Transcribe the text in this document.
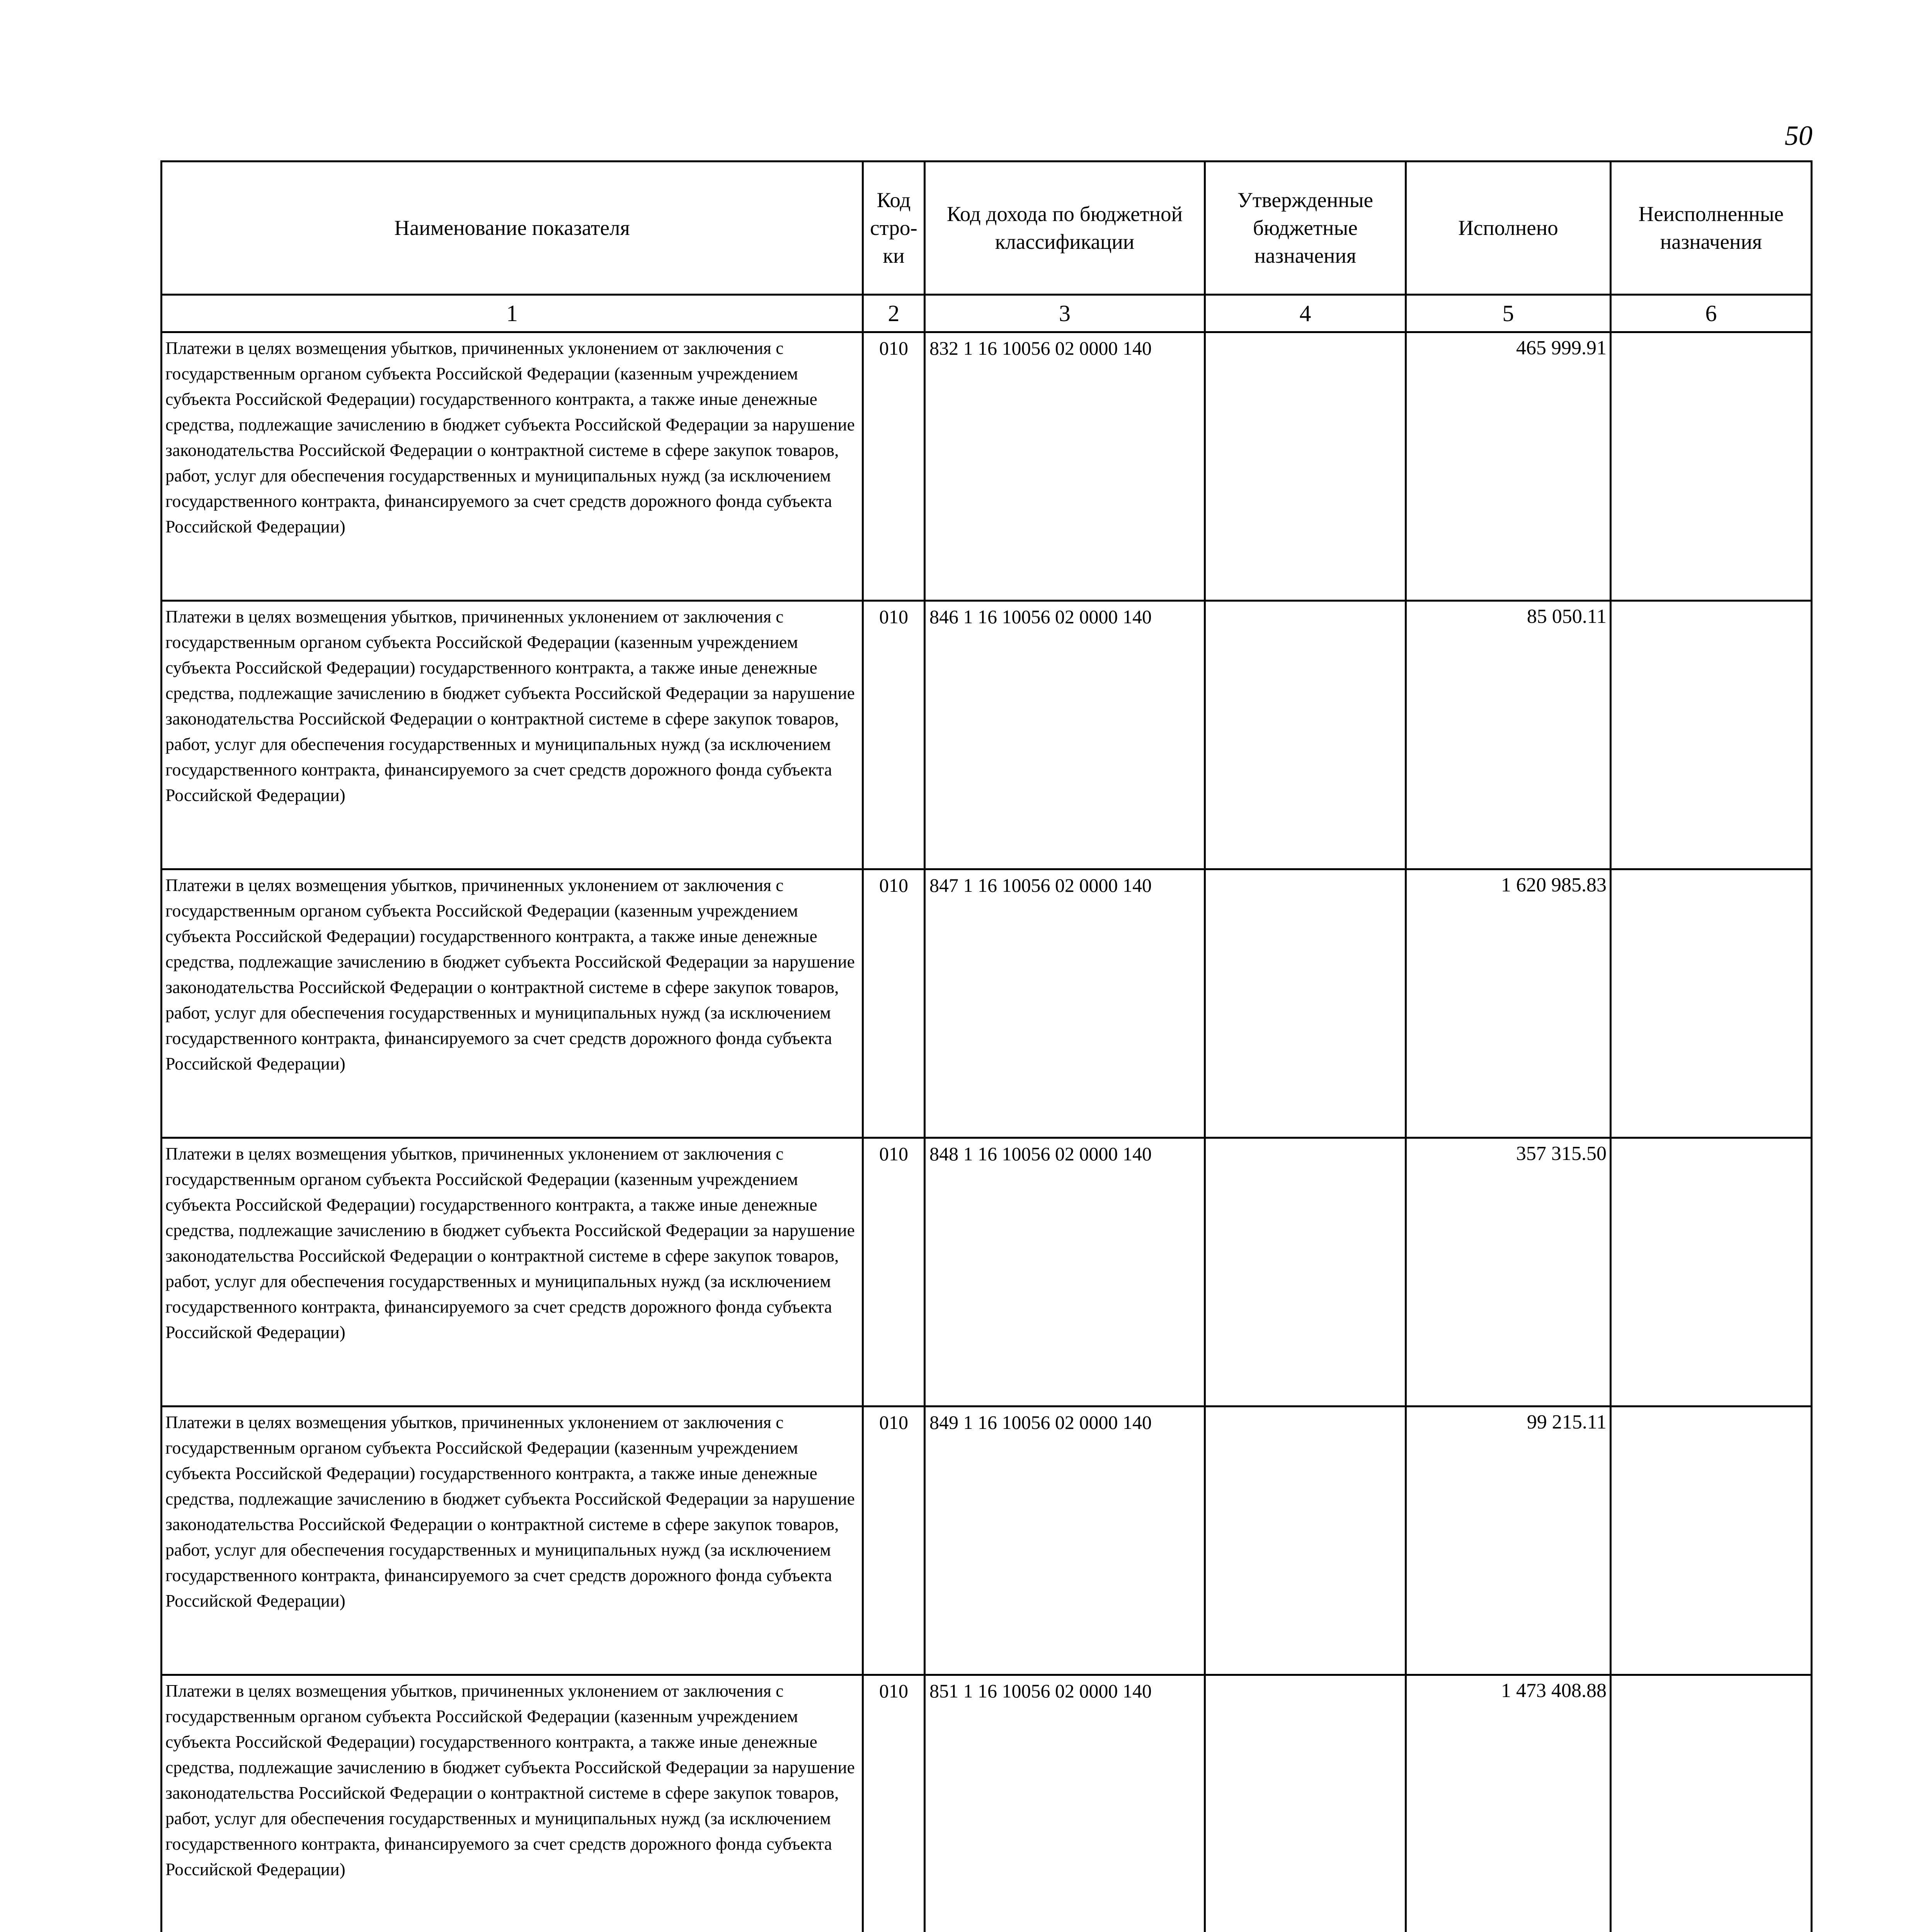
50
Наименование показателя	Код стро- ки	Код дохода по бюджетной классификации	Утвержденные бюджетные назначения	Исполнено	Неисполненные назначения
1	2	3	4	5	6
Платежи в целях возмещения убытков, причиненных уклонением от заключения с государственным органом субъекта Российской Федерации (казенным учреждением субъекта Российской Федерации) государственного контракта, а также иные денежные средства, подлежащие зачислению в бюджет субъекта Российской Федерации за нарушение законодательства Российской Федерации о контрактной системе в сфере закупок товаров, работ, услуг для обеспечения государственных и муниципальных нужд (за исключением государственного контракта, финансируемого за счет средств дорожного фонда субъекта Российской Федерации)	010	832 1 16 10056 02 0000 140		465 999.91	
Платежи в целях возмещения убытков, причиненных уклонением от заключения с государственным органом субъекта Российской Федерации (казенным учреждением субъекта Российской Федерации) государственного контракта, а также иные денежные средства, подлежащие зачислению в бюджет субъекта Российской Федерации за нарушение законодательства Российской Федерации о контрактной системе в сфере закупок товаров, работ, услуг для обеспечения государственных и муниципальных нужд (за исключением государственного контракта, финансируемого за счет средств дорожного фонда субъекта Российской Федерации)	010	846 1 16 10056 02 0000 140		85 050.11	
Платежи в целях возмещения убытков, причиненных уклонением от заключения с государственным органом субъекта Российской Федерации (казенным учреждением субъекта Российской Федерации) государственного контракта, а также иные денежные средства, подлежащие зачислению в бюджет субъекта Российской Федерации за нарушение законодательства Российской Федерации о контрактной системе в сфере закупок товаров, работ, услуг для обеспечения государственных и муниципальных нужд (за исключением государственного контракта, финансируемого за счет средств дорожного фонда субъекта Российской Федерации)	010	847 1 16 10056 02 0000 140		1 620 985.83	
Платежи в целях возмещения убытков, причиненных уклонением от заключения с государственным органом субъекта Российской Федерации (казенным учреждением субъекта Российской Федерации) государственного контракта, а также иные денежные средства, подлежащие зачислению в бюджет субъекта Российской Федерации за нарушение законодательства Российской Федерации о контрактной системе в сфере закупок товаров, работ, услуг для обеспечения государственных и муниципальных нужд (за исключением государственного контракта, финансируемого за счет средств дорожного фонда субъекта Российской Федерации)	010	848 1 16 10056 02 0000 140		357 315.50	
Платежи в целях возмещения убытков, причиненных уклонением от заключения с государственным органом субъекта Российской Федерации (казенным учреждением субъекта Российской Федерации) государственного контракта, а также иные денежные средства, подлежащие зачислению в бюджет субъекта Российской Федерации за нарушение законодательства Российской Федерации о контрактной системе в сфере закупок товаров, работ, услуг для обеспечения государственных и муниципальных нужд (за исключением государственного контракта, финансируемого за счет средств дорожного фонда субъекта Российской Федерации)	010	849 1 16 10056 02 0000 140		99 215.11	
Платежи в целях возмещения убытков, причиненных уклонением от заключения с государственным органом субъекта Российской Федерации (казенным учреждением субъекта Российской Федерации) государственного контракта, а также иные денежные средства, подлежащие зачислению в бюджет субъекта Российской Федерации за нарушение законодательства Российской Федерации о контрактной системе в сфере закупок товаров, работ, услуг для обеспечения государственных и муниципальных нужд (за исключением государственного контракта, финансируемого за счет средств дорожного фонда субъекта Российской Федерации)	010	851 1 16 10056 02 0000 140		1 473 408.88	
